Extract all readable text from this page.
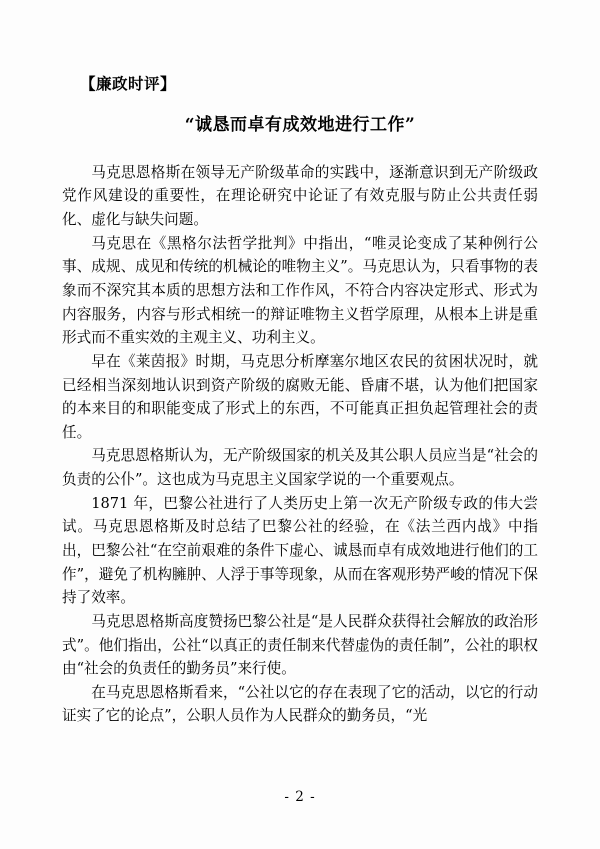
【廉政时评】
“诚恳而卓有成效地进行工作”

马克思恩格斯在领导无产阶级革命的实践中，逐渐意识到无产阶级政党作风建设的重要性，在理论研究中论证了有效克服与防止公共责任弱化、虚化与缺失问题。

马克思在《黑格尔法哲学批判》中指出，“唯灵论变成了某种例行公事、成规、成见和传统的机械论的唯物主义”。马克思认为，只看事物的表象而不深究其本质的思想方法和工作作风，不符合内容决定形式、形式为内容服务，内容与形式相统一的辩证唯物主义哲学原理，从根本上讲是重形式而不重实效的主观主义、功利主义。

早在《莱茵报》时期，马克思分析摩塞尔地区农民的贫困状况时，就已经相当深刻地认识到资产阶级的腐败无能、昏庸不堪，认为他们把国家的本来目的和职能变成了形式上的东西，不可能真正担负起管理社会的责任。

马克思恩格斯认为，无产阶级国家的机关及其公职人员应当是“社会的负责的公仆”。这也成为马克思主义国家学说的一个重要观点。

1871 年，巴黎公社进行了人类历史上第一次无产阶级专政的伟大尝试。马克思恩格斯及时总结了巴黎公社的经验，在《法兰西内战》中指出，巴黎公社“在空前艰难的条件下虚心、诚恳而卓有成效地进行他们的工作”，避免了机构臃肿、人浮于事等现象，从而在客观形势严峻的情况下保持了效率。

马克思恩格斯高度赞扬巴黎公社是“是人民群众获得社会解放的政治形式”。他们指出，公社“以真正的责任制来代替虚伪的责任制”，公社的职权由“社会的负责任的勤务员”来行使。

在马克思恩格斯看来，“公社以它的存在表现了它的活动，以它的行动证实了它的论点”，公职人员作为人民群众的勤务员，“光

- 2 -
